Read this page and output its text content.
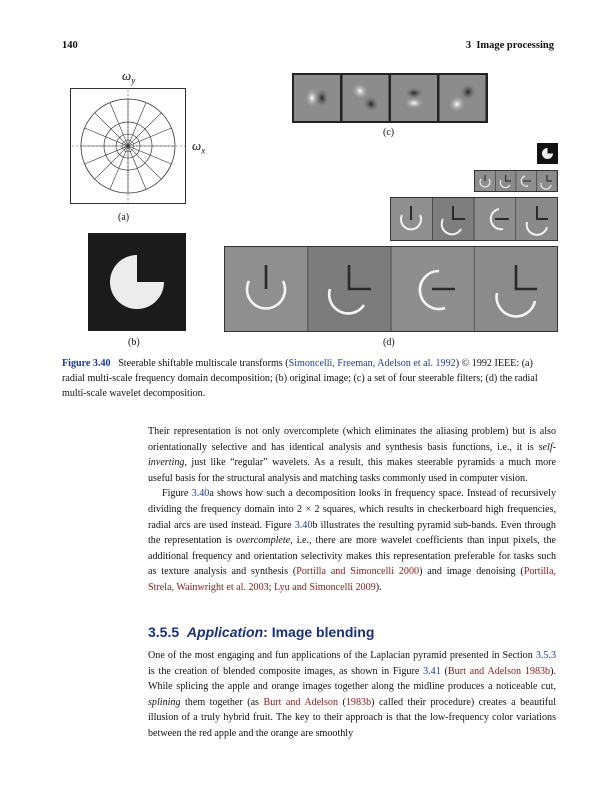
140	3  Image processing
$\omega_y$
$\omega_x$
(a)
(b)
(c)
(d)
Figure 3.40 Steerable shiftable multiscale transforms (Simoncelli, Freeman, Adelson et al. 1992) © 1992 IEEE: (a) radial multi-scale frequency domain decomposition; (b) original image; (c) a set of four steerable filters; (d) the radial multi-scale wavelet decomposition.

Their representation is not only overcomplete (which eliminates the aliasing problem) but is also orientationally selective and has identical analysis and synthesis basis functions, i.e., it is self-inverting, just like “regular” wavelets. As a result, this makes steerable pyramids a much more useful basis for the structural analysis and matching tasks commonly used in computer vision.

Figure 3.40a shows how such a decomposition looks in frequency space. Instead of recursively dividing the frequency domain into 2 × 2 squares, which results in checkerboard high frequencies, radial arcs are used instead. Figure 3.40b illustrates the resulting pyramid sub-bands. Even through the representation is overcomplete, i.e., there are more wavelet coefficients than input pixels, the additional frequency and orientation selectivity makes this representation preferable for tasks such as texture analysis and synthesis (Portilla and Simoncelli 2000) and image denoising (Portilla, Strela, Wainwright et al. 2003; Lyu and Simoncelli 2009).

3.5.5 Application: Image blending

One of the most engaging and fun applications of the Laplacian pyramid presented in Section 3.5.3 is the creation of blended composite images, as shown in Figure 3.41 (Burt and Adelson 1983b). While splicing the apple and orange images together along the midline produces a noticeable cut, splining them together (as Burt and Adelson (1983b) called their procedure) creates a beautiful illusion of a truly hybrid fruit. The key to their approach is that the low-frequency color variations between the red apple and the orange are smoothly
